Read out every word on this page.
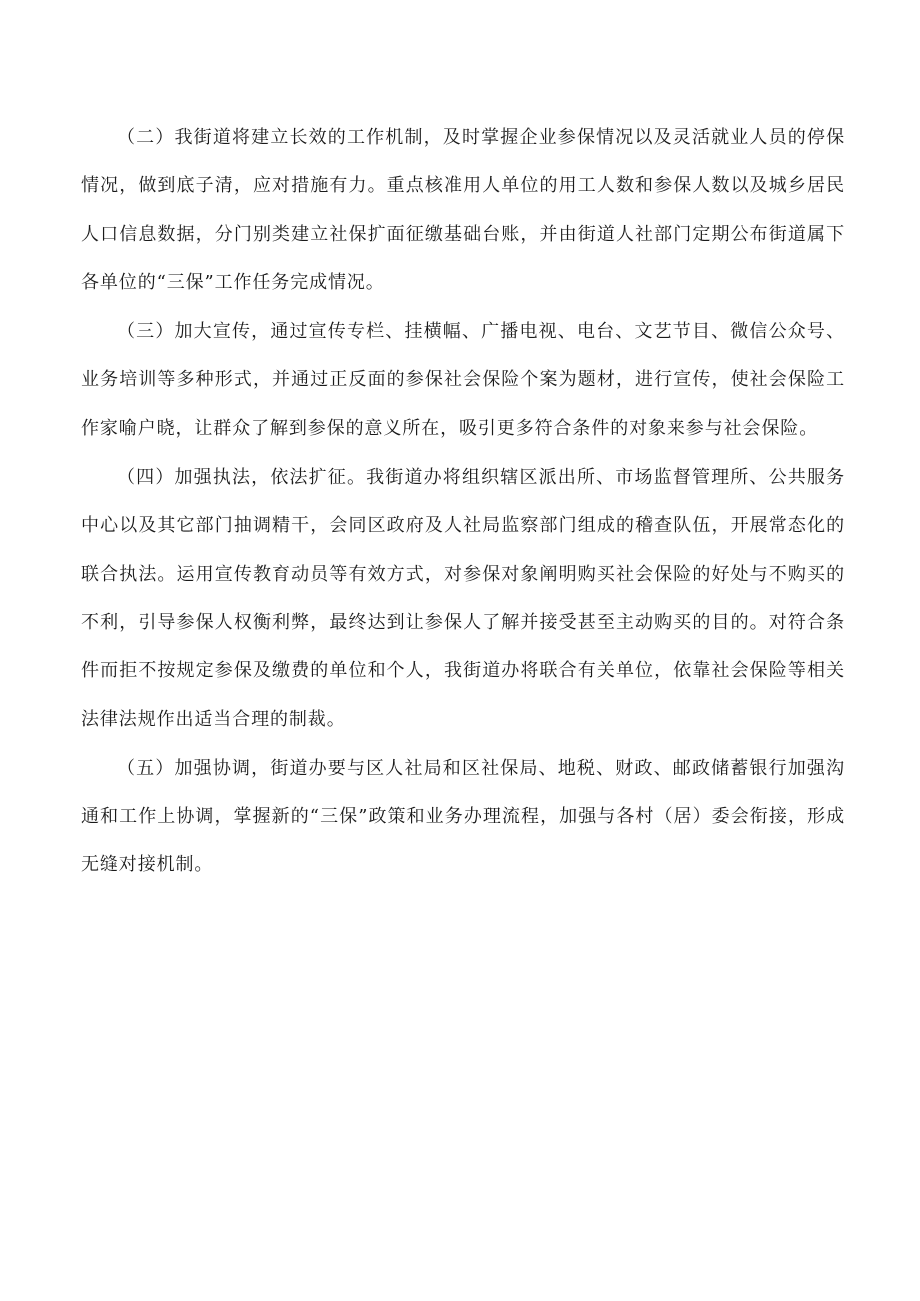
（二）我街道将建立长效的工作机制，及时掌握企业参保情况以及灵活就业人员的停保情况，做到底子清，应对措施有力。重点核准用人单位的用工人数和参保人数以及城乡居民人口信息数据，分门别类建立社保扩面征缴基础台账，并由街道人社部门定期公布街道属下各单位的“三保”工作任务完成情况。

（三）加大宣传，通过宣传专栏、挂横幅、广播电视、电台、文艺节目、微信公众号、业务培训等多种形式，并通过正反面的参保社会保险个案为题材，进行宣传，使社会保险工作家喻户晓，让群众了解到参保的意义所在，吸引更多符合条件的对象来参与社会保险。

（四）加强执法，依法扩征。我街道办将组织辖区派出所、市场监督管理所、公共服务中心以及其它部门抽调精干，会同区政府及人社局监察部门组成的稽查队伍，开展常态化的联合执法。运用宣传教育动员等有效方式，对参保对象阐明购买社会保险的好处与不购买的不利，引导参保人权衡利弊，最终达到让参保人了解并接受甚至主动购买的目的。对符合条件而拒不按规定参保及缴费的单位和个人，我街道办将联合有关单位，依靠社会保险等相关法律法规作出适当合理的制裁。

（五）加强协调，街道办要与区人社局和区社保局、地税、财政、邮政储蓄银行加强沟通和工作上协调，掌握新的“三保”政策和业务办理流程，加强与各村（居）委会衔接，形成无缝对接机制。
